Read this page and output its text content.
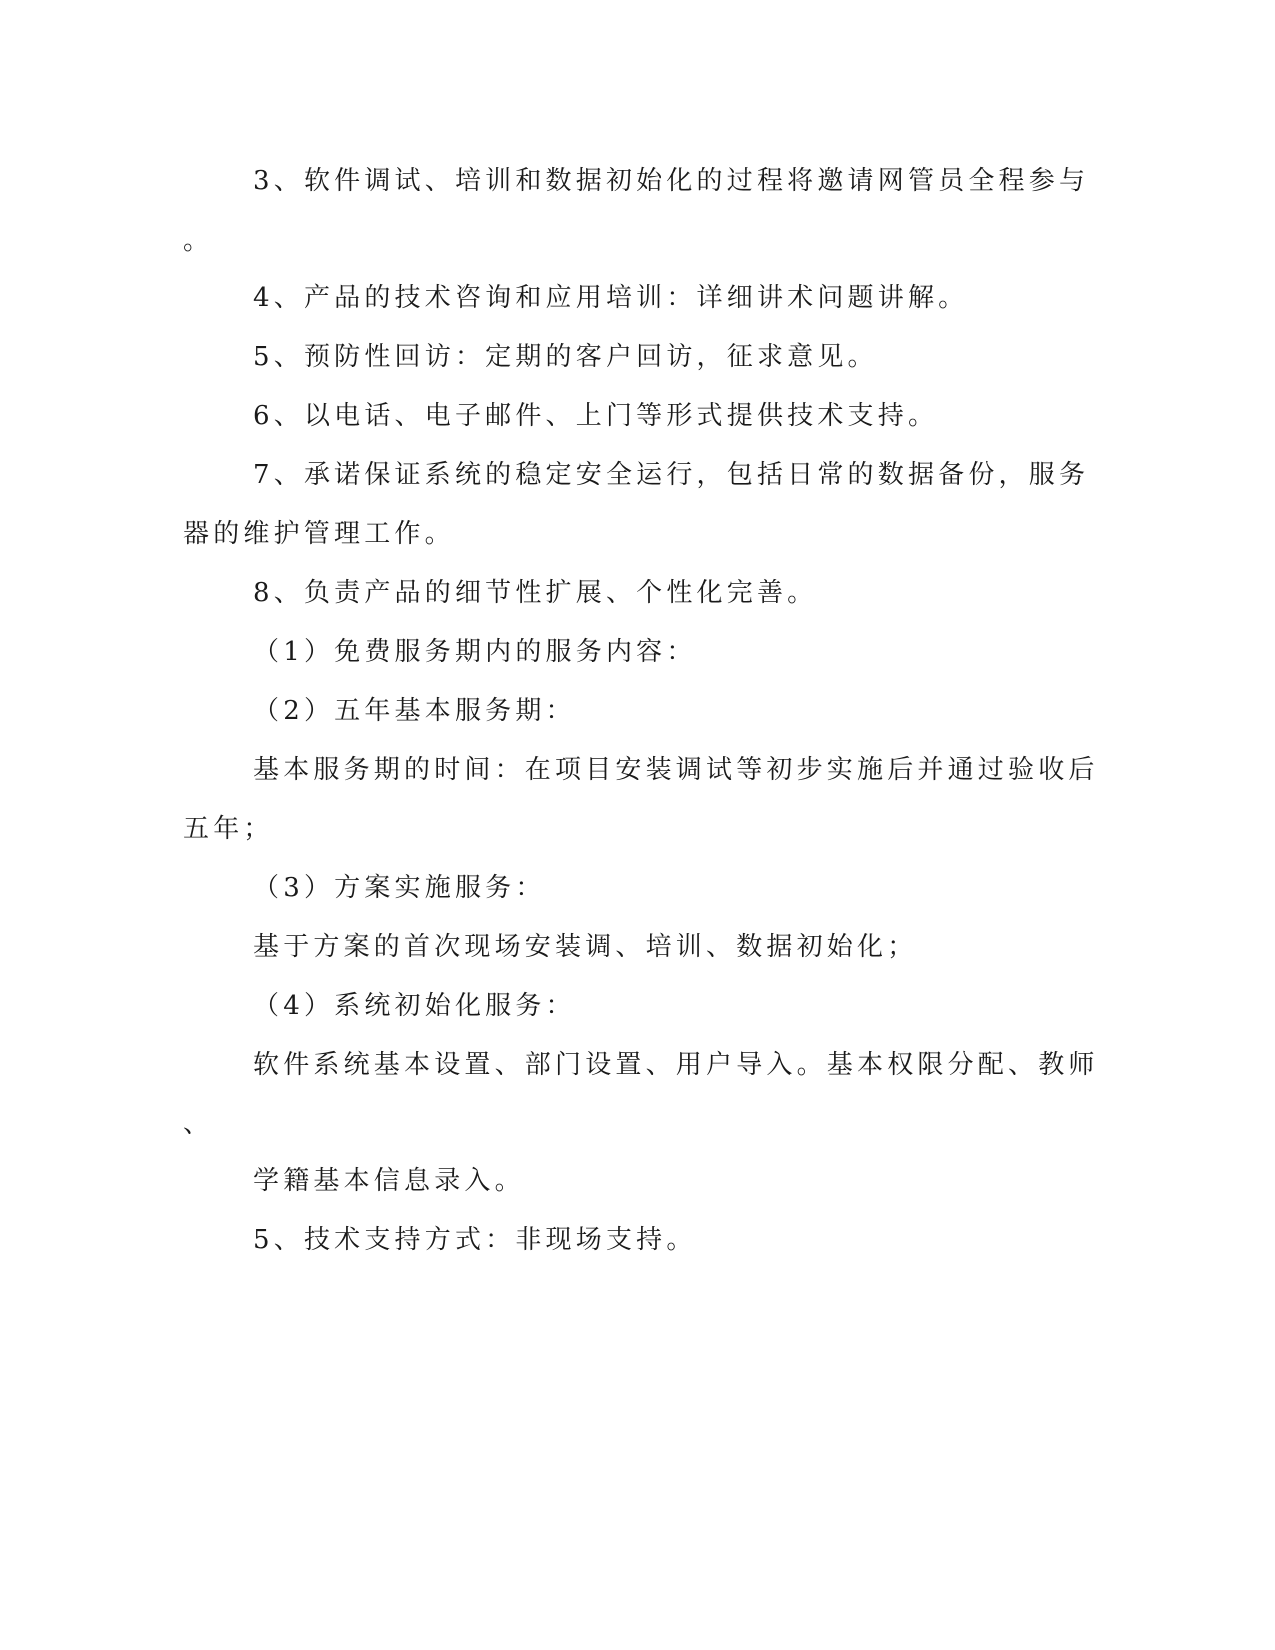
3、软件调试、培训和数据初始化的过程将邀请网管员全程参与
。
4、产品的技术咨询和应用培训：详细讲术问题讲解。
5、预防性回访：定期的客户回访，征求意见。
6、以电话、电子邮件、上门等形式提供技术支持。
7、承诺保证系统的稳定安全运行，包括日常的数据备份，服务
器的维护管理工作。
8、负责产品的细节性扩展、个性化完善。
（1）免费服务期内的服务内容：
（2）五年基本服务期：
基本服务期的时间：在项目安装调试等初步实施后并通过验收后
五年；
（3）方案实施服务：
基于方案的首次现场安装调、培训、数据初始化；
（4）系统初始化服务：
软件系统基本设置、部门设置、用户导入。基本权限分配、教师
、
学籍基本信息录入。
5、技术支持方式：非现场支持。
